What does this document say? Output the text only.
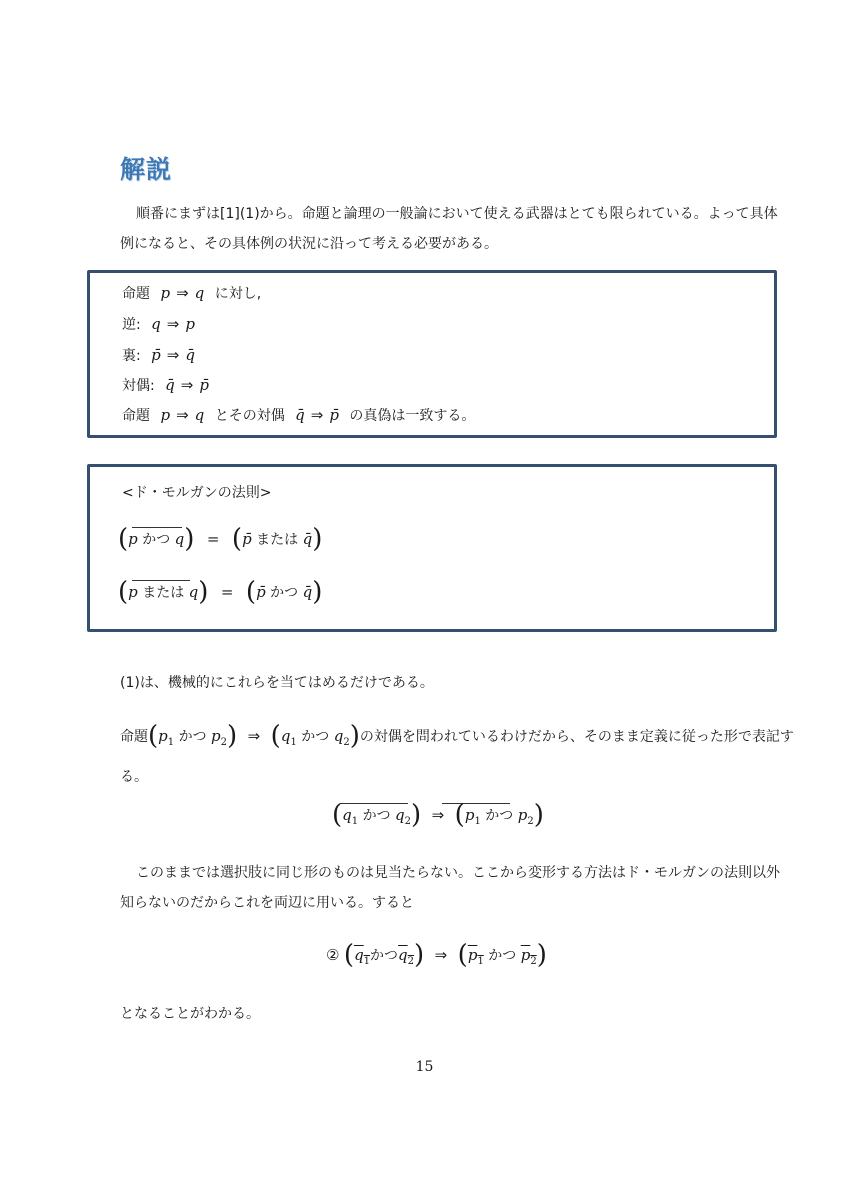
解説
順番にまずは[1](1)から。命題と論理の一般論において使える武器はとても限られている。よって具体
例になると、その具体例の状況に沿って考える必要がある。
命題 p ⇒ q に対し,
逆: q ⇒ p
裏: p̄ ⇒ q̄
対偶: q̄ ⇒ p̄
命題 p ⇒ q とその対偶 q̄ ⇒ p̄ の真偽は一致する。
<ド・モルガンの法則>
(p かつ q) = (p̄ または q̄)
(p または q) = (p̄ かつ q̄)
(1)は、機械的にこれらを当てはめるだけである。
命題($p_1$ かつ $p_2$) ⇒ ($q_1$ かつ $q_2$)の対偶を問われているわけだから、そのまま定義に従った形で表記す
る。
($q_1$ かつ $q_2$) ⇒ ($p_1$ かつ $p_2$)
このままでは選択肢に同じ形のものは見当たらない。ここから変形する方法はド・モルガンの法則以外
知らないのだからこれを両辺に用いる。すると
② ($q_1$かつ$q_2$) ⇒ ($p_1$ かつ $p_2$)
となることがわかる。
15
